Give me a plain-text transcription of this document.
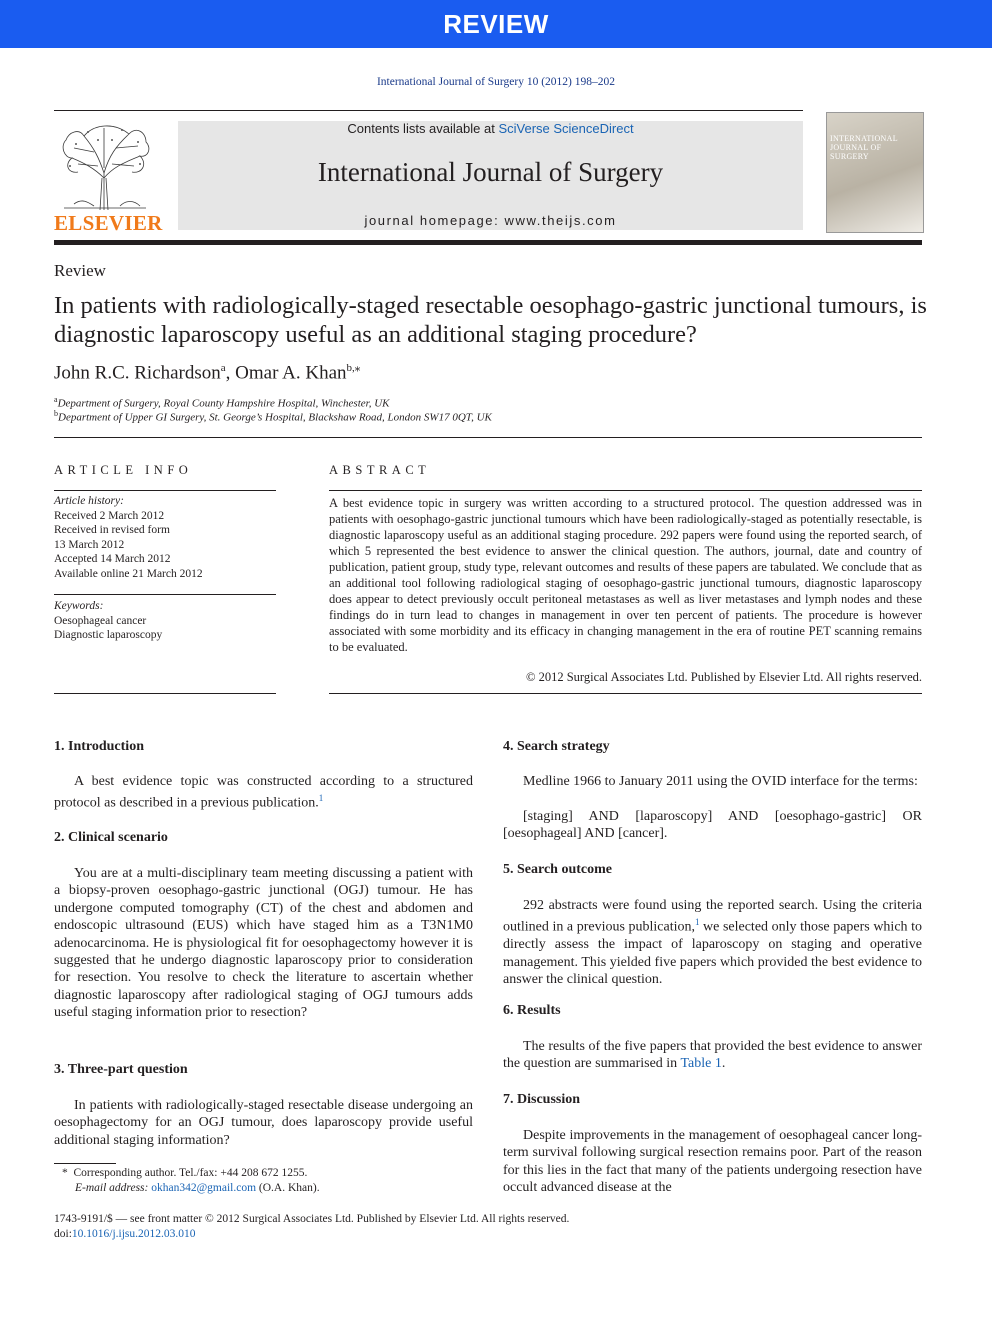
REVIEW
International Journal of Surgery 10 (2012) 198–202
ELSEVIER
Contents lists available at SciVerse ScienceDirect
International Journal of Surgery
journal homepage: www.theijs.com
INTERNATIONAL
JOURNAL OF SURGERY
Review
In patients with radiologically-staged resectable oesophago-gastric junctional tumours, is diagnostic laparoscopy useful as an additional staging procedure?
John R.C. Richardson$^a$, Omar A. Khan$^{b,⁎}$
$^a$Department of Surgery, Royal County Hampshire Hospital, Winchester, UK
$^b$Department of Upper GI Surgery, St. George’s Hospital, Blackshaw Road, London SW17 0QT, UK
ARTICLE INFO
Article history:
Received 2 March 2012
Received in revised form
13 March 2012
Accepted 14 March 2012
Available online 21 March 2012
Keywords:
Oesophageal cancer
Diagnostic laparoscopy
ABSTRACT
A best evidence topic in surgery was written according to a structured protocol. The question addressed was in patients with oesophago-gastric junctional tumours which have been radiologically-staged as potentially resectable, is diagnostic laparoscopy useful as an additional staging procedure. 292 papers were found using the reported search, of which 5 represented the best evidence to answer the clinical question. The authors, journal, date and country of publication, patient group, study type, relevant outcomes and results of these papers are tabulated. We conclude that as an additional tool following radiological staging of oesophago-gastric junctional tumours, diagnostic laparoscopy does appear to detect previously occult peritoneal metastases as well as liver metastases and lymph nodes and these findings do in turn lead to changes in management in over ten percent of patients. The procedure is however associated with some morbidity and its efficacy in changing management in the era of routine PET scanning remains to be evaluated.
© 2012 Surgical Associates Ltd. Published by Elsevier Ltd. All rights reserved.
1. Introduction
A best evidence topic was constructed according to a structured protocol as described in a previous publication.$^1$
2. Clinical scenario
You are at a multi-disciplinary team meeting discussing a patient with a biopsy-proven oesophago-gastric junctional (OGJ) tumour. He has undergone computed tomography (CT) of the chest and abdomen and endoscopic ultrasound (EUS) which have staged him as a T3N1M0 adenocarcinoma. He is physiological fit for oesophagectomy however it is suggested that he undergo diagnostic laparoscopy prior to consideration for resection. You resolve to check the literature to ascertain whether diagnostic laparoscopy after radiological staging of OGJ tumours adds useful staging information prior to resection?
3. Three-part question
In patients with radiologically-staged resectable disease undergoing an oesophagectomy for an OGJ tumour, does laparoscopy provide useful additional staging information?
4. Search strategy
Medline 1966 to January 2011 using the OVID interface for the terms:
[staging] AND [laparoscopy] AND [oesophago-gastric] OR [oesophageal] AND [cancer].
5. Search outcome
292 abstracts were found using the reported search. Using the criteria outlined in a previous publication,$^1$ we selected only those papers which to directly assess the impact of laparoscopy on staging and operative management. This yielded five papers which provided the best evidence to answer the clinical question.
6. Results
The results of the five papers that provided the best evidence to answer the question are summarised in Table 1.
7. Discussion
Despite improvements in the management of oesophageal cancer long-term survival following surgical resection remains poor. Part of the reason for this lies in the fact that many of the patients undergoing resection have occult advanced disease at the
* Corresponding author. Tel./fax: +44 208 672 1255.
E-mail address: okhan342@gmail.com (O.A. Khan).
1743-9191/$ — see front matter © 2012 Surgical Associates Ltd. Published by Elsevier Ltd. All rights reserved.
doi:10.1016/j.ijsu.2012.03.010
